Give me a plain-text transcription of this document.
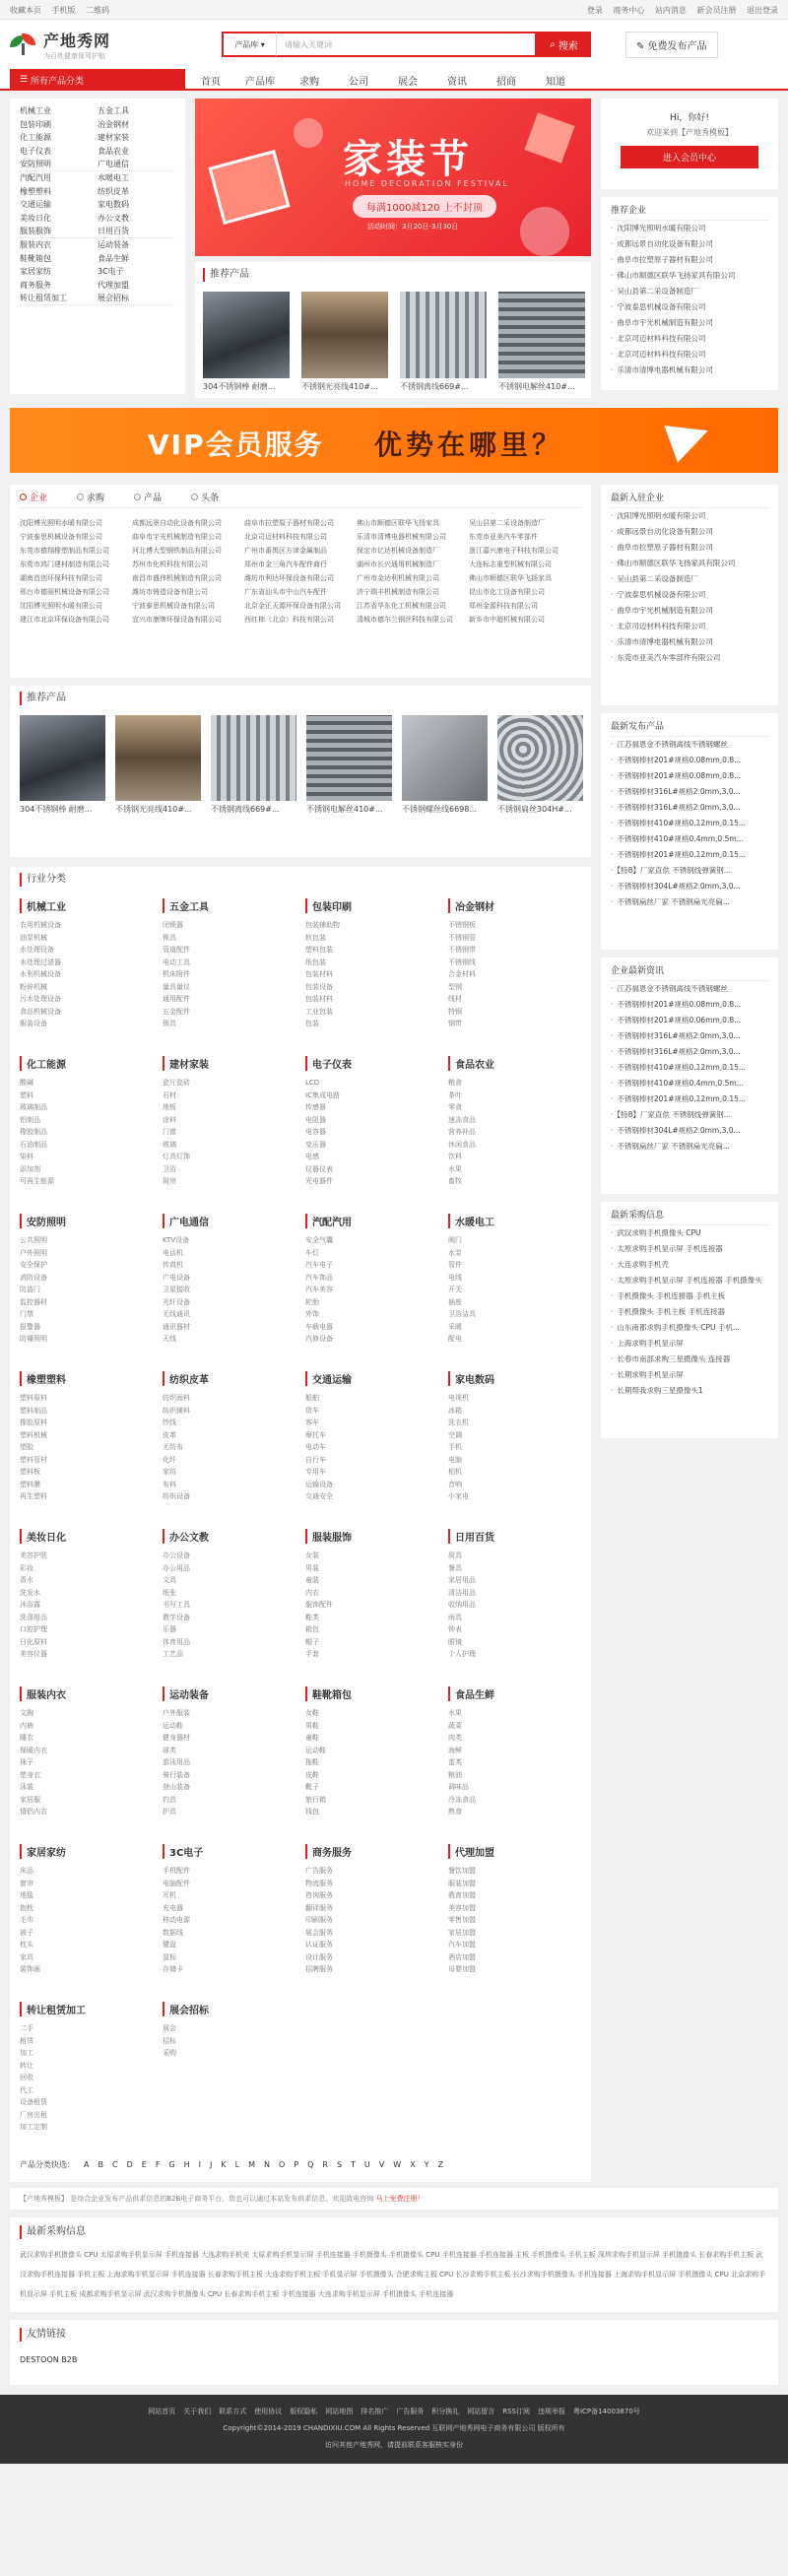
收藏本页 手机版 二维码	登录 商务中心 站内消息 新会员注册 退出登录
产地秀网
为百姓健康保驾护航
产品库 ▾	请输入关键词	⌕ 搜索	✎ 免费发布产品
☰ 所有产品分类	首页	产品库	求购	公司	展会	资讯	招商	知道
机械工业	五金工具
包装印刷	冶金钢材
化工能源	建材家装
电子仪表	食品农业
安防照明	广电通信
汽配汽用	水暖电工
橡塑塑料	纺织皮革
交通运输	家电数码
美妆日化	办公文教
服装服饰	日用百货
服装内衣	运动装备
鞋靴箱包	食品生鲜
家居家纺	3C电子
商务服务	代理加盟
转让租赁加工	展会招标
家装节
HOME DECORATION FESTIVAL
每满1000减120 上不封顶
活动时间：3月20日-3月30日
推荐产品
304不锈钢棒 耐磨...	不锈钢光亮线410#...	不锈钢离线669#...	不锈钢电解丝410#...
Hi，你好!
欢迎来到【产地秀模板】
进入会员中心
推荐企业
· 沈阳博光照明水暖有限公司
· 成都远景自动化设备有限公司
· 曲阜市拉塑原子器材有限公司
· 佛山市顺德区联华飞扬家具有限公司
· 吴山县第二采设备制造厂
· 宁波泰思机械设备有限公司
· 曲阜市宇光机械制造有限公司
· 北京司迈材料科技有限公司
· 北京司迈材料科技有限公司
· 乐清市清博电器机械有限公司
VIP会员服务 优势在哪里？
企业	求购	产品	头条
沈阳博光照明水暖有限公司	成都远景自动化设备有限公司	曲阜市拉塑原子器材有限公司	佛山市顺德区联华飞扬家具	吴山县第二采设备制造厂
宁波泰思机械设备有限公司	曲阜市宇光机械制造有限公司	北京司迈材料科技有限公司	乐清市清博电器机械有限公司	东莞市亚美汽车零部件
东莞市德翔橡塑制品有限公司	河北博大型钢铁制品有限公司	广州市番禺区方津金属制品	保定市亿达机械设备制造厂	浙江嘉兴康电子科技有限公司
东莞市鸿门建材制造有限公司	苏州市化机科技有限公司	郑州市金三角汽车配件商行	湖州市长兴通用机械制造厂	大连标志重型机械有限公司
湖南首创环保科技有限公司	南昌市盛伟机械制造有限公司	潍坊市利达环保设备有限公司	广州市金达利机械有限公司	佛山市顺德区联华飞扬家具
邢台市德丽机械设备有限公司	潍坊市铸造设备有限公司	广东省汕头市中山汽车配件	济宁瑞丰机械制造有限公司	昆山市化工设备有限公司
沈阳博光照明水暖有限公司	宁波泰思机械设备有限公司	北京金正天源环保设备有限公司	江苏省华东化工机械有限公司	郑州金源科技有限公司
建江市北京环保设备有限公司	宜兴市康牌环保设备有限公司	西红柿（北京）科技有限公司	清城市德尔兰钢丝科技有限公司	新乡市中超机械有限公司
推荐产品
304不锈钢棒 耐磨...	不锈钢光亮线410#...	不锈钢离线669#...	不锈钢电解丝410#...	不锈钢螺丝线6698...	不锈钢扁丝304H#...
行业分类
机械工业
农用机械设备
油泵机械
水处理设备
水处理过滤器
水利机械设备
粉碎机械
污水处理设备
食品机械设备
服装设备
五金工具
闭锁器
锁具
管道配件
电动工具
机床附件
量具量仪
通用配件
五金配件
锁具
包装印刷
包装辅助物
软包装
塑料包装
纸包装
包装材料
包装设备
包装材料
工业包装
包装
冶金钢材
不锈钢板
不锈钢管
不锈钢带
不锈钢线
合金材料
型钢
线材
特钢
钢带
化工能源
酸碱
塑料
玻璃制品
铝制品
橡胶制品
石油制品
染料
添加剂
可再生能源
建材家装
瓷片瓷砖
石材
地板
涂料
门窗
玻璃
灯具灯饰
卫浴
厨房
电子仪表
LCD
IC集成电路
传感器
电阻器
电容器
变压器
电感
仪器仪表
光电器件
食品农业
粮食
茶叶
零食
速冻食品
营养补品
休闲食品
饮料
水果
畜牧
安防照明
公共照明
户外照明
安全保护
消防设备
防盗门
监控器材
门禁
报警器
防爆照明
广电通信
KTV设备
电话机
传真机
广电设备
卫星接收
光纤设备
无线通讯
通讯器材
天线
汽配汽用
安全气囊
车灯
汽车电子
汽车饰品
汽车美容
轮胎
外饰
车载电器
汽修设备
水暖电工
阀门
水泵
管件
电线
开关
插座
卫浴洁具
采暖
配电
橡塑塑料
塑料原料
塑料制品
橡胶原料
塑料机械
塑胶
塑料管材
塑料板
塑料膜
再生塑料
纺织皮革
纺织面料
纺织辅料
纱线
皮革
无纺布
化纤
家纺
布料
纺织设备
交通运输
船舶
货车
客车
摩托车
电动车
自行车
专用车
运输设备
交通安全
家电数码
电视机
冰箱
洗衣机
空调
手机
电脑
相机
音响
小家电
美妆日化
美容护肤
彩妆
香水
洗发水
沐浴露
洗涤用品
口腔护理
日化原料
美容仪器
办公文教
办公设备
办公用品
文具
纸张
书写工具
教学设备
乐器
体育用品
工艺品
服装服饰
女装
男装
童装
内衣
服饰配件
鞋类
箱包
帽子
手套
日用百货
厨具
餐具
家居用品
清洁用品
收纳用品
雨具
钟表
眼镜
个人护理
服装内衣
文胸
内裤
睡衣
保暖内衣
袜子
塑身衣
泳装
家居服
情侣内衣
运动装备
户外服装
运动鞋
健身器材
球类
游泳用品
骑行装备
登山装备
钓具
护具
鞋靴箱包
女鞋
男鞋
童鞋
运动鞋
拖鞋
皮鞋
靴子
旅行箱
钱包
食品生鲜
水果
蔬菜
肉类
海鲜
蛋类
粮油
调味品
冷冻食品
熟食
家居家纺
床品
窗帘
地毯
抱枕
毛巾
被子
枕头
家具
装饰画
3C电子
手机配件
电脑配件
耳机
充电器
移动电源
数据线
键盘
鼠标
存储卡
商务服务
广告服务
物流服务
咨询服务
翻译服务
印刷服务
展会服务
认证服务
设计服务
招聘服务
代理加盟
餐饮加盟
服装加盟
教育加盟
美容加盟
零售加盟
家居加盟
汽车加盟
酒店加盟
母婴加盟
转让租赁加工
二手
租赁
加工
转让
回收
代工
设备租赁
厂房出租
加工定制
展会招标
展会
招标
采购
产品分类快选： A B C D E F G H I J K L M N O P Q R S T U V W X Y Z
最新入驻企业
· 沈阳博光照明水暖有限公司
· 成都远景自动化设备有限公司
· 曲阜市拉塑原子器材有限公司
· 佛山市顺德区联华飞扬家具有限公司
· 吴山县第二采设备制造厂
· 宁波泰思机械设备有限公司
· 曲阜市宇光机械制造有限公司
· 北京司迈材料科技有限公司
· 乐清市清博电器机械有限公司
· 东莞市亚美汽车零部件有限公司
最新发布产品
· 江苏福恩金不锈钢离线不锈钢螺丝
· 不锈钢棒材201#规格0.08mm,0.8...
· 不锈钢棒材201#规格0.08mm,0.8...
· 不锈钢棒材316L#规格2.0mm,3.0...
· 不锈钢棒材316L#规格2.0mm,3.0...
· 不锈钢棒材410#规格0.12mm,0.15...
· 不锈钢棒材410#规格0.4mm,0.5m...
· 不锈钢棒材201#规格0.12mm,0.15...
· 【特8】厂家直供 不锈钢线弹簧钢...
· 不锈钢棒材304L#规格2.0mm,3.0...
· 不锈钢扁丝厂家 不锈钢扁光亮扁...
企业最新资讯
· 江苏福恩金不锈钢离线不锈钢螺丝
· 不锈钢棒材201#规格0.08mm,0.8...
· 不锈钢棒材201#规格0.06mm,0.8...
· 不锈钢棒材316L#规格2.0mm,3.0...
· 不锈钢棒材316L#规格2.0mm,3.0...
· 不锈钢棒材410#规格0.12mm,0.15...
· 不锈钢棒材410#规格0.4mm,0.5m...
· 不锈钢棒材201#规格0.12mm,0.15...
· 【特8】厂家直供 不锈钢线弹簧钢...
· 不锈钢棒材304L#规格2.0mm,3.0...
· 不锈钢扁丝厂家 不锈钢扁光亮扁...
最新采购信息
· 武汉求购手机摄像头 CPU
· 太原求购手机显示屏 手机连接器
· 大连求购手机壳
· 太原求购手机显示屏 手机连接器 手机摄像头
· 手机摄像头 手机连接器 手机主板
· 手机摄像头 手机主板 手机连接器
· 山东南都求购手机摄像头 CPU 手机...
· 上海求购手机显示屏
· 长春市南部求购三星摄像头 连接器
· 长期求购手机显示屏
· 长期帮我求购三星摄像头1
【产地秀模板】 是综合企业发布产品供求信息的B2B电子商务平台，您也可以通过本站发布供求信息，欢迎致电咨询 马上免费注册！
最新采购信息
武汉求购手机摄像头 CPU 太原求购手机显示屏 手机连接器 大连求购手机壳 太原求购手机显示屏 手机连接器 手机摄像头 手机摄像头 CPU 手机连接器 手机连接器 主板 手机摄像头 手机主板 深圳求购手机显示屏 手机摄像头 长春求购手机主板 武汉求购手机连接器 手机主板 上海求购手机显示屏 手机连接器 长春求购手机主板 大连求购手机主板 手机显示屏 手机摄像头 合肥求购主板 CPU 长沙求购手机主板 长沙求购手机摄像头 手机连接器 上海求购手机显示屏 手机摄像头 CPU 北京求购手机显示屏 手机主板 成都求购手机显示屏 武汉求购手机摄像头 CPU 长春求购手机主板 手机连接器 大连求购手机显示屏 手机摄像头 手机连接器
友情链接
DESTOON B2B
网站首页 关于我们 联系方式 使用协议 版权隐私 网站地图 排名推广 广告服务 积分换礼 网站留言 RSS订阅 违规举报 粤ICP备14003870号
Copyright©2014-2019 CHANDIXIU.COM All Rights Reserved 互联网产地秀网电子商务有限公司 版权所有
访问其他产地秀网，请提前联系客服核实身份
